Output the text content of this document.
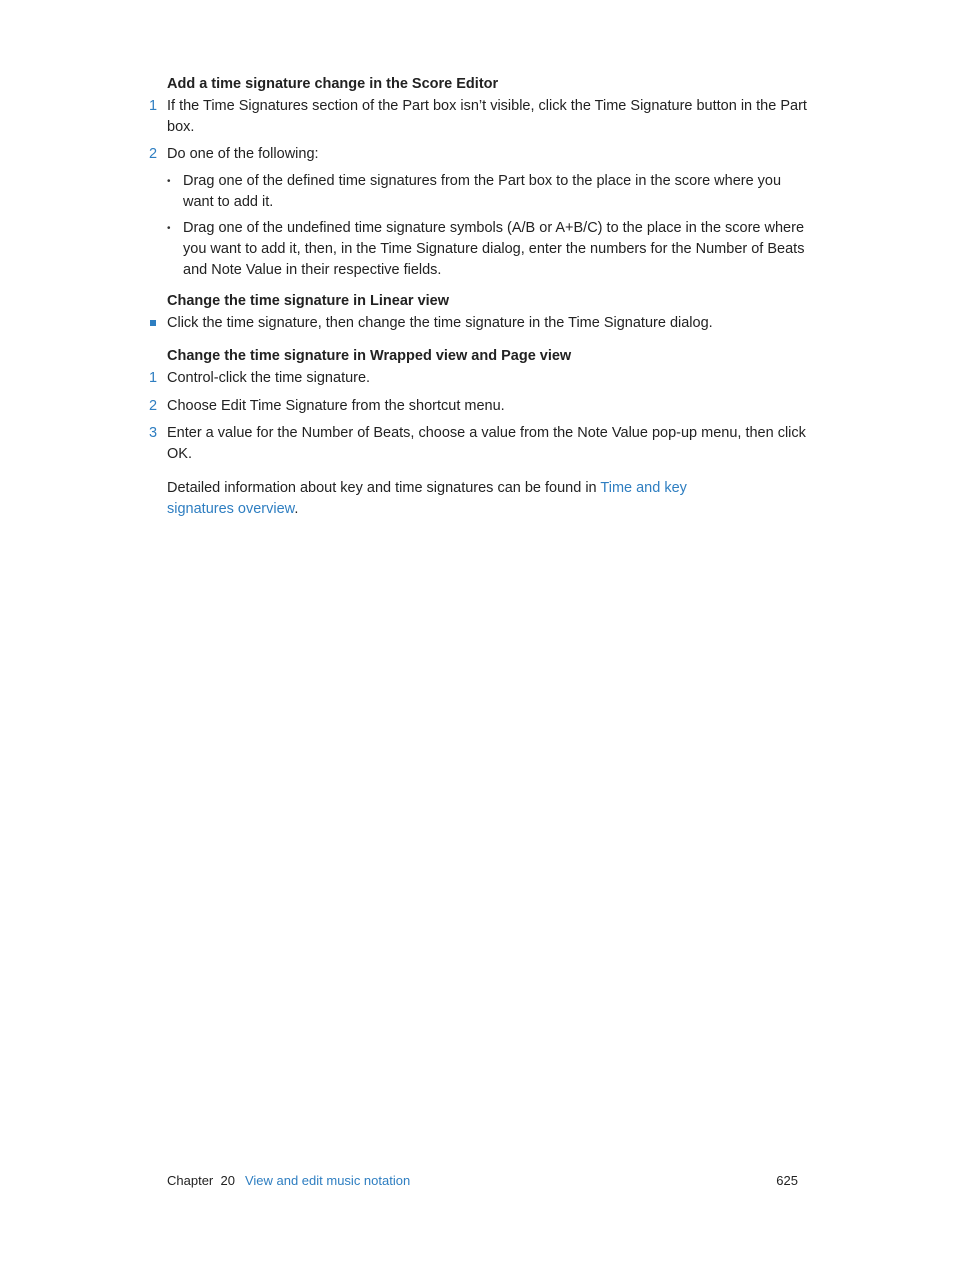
Add a time signature change in the Score Editor

1 If the Time Signatures section of the Part box isn’t visible, click the Time Signature button in the Part box.
2 Do one of the following:
• Drag one of the defined time signatures from the Part box to the place in the score where you want to add it.
• Drag one of the undefined time signature symbols (A/B or A+B/C) to the place in the score where you want to add it, then, in the Time Signature dialog, enter the numbers for the Number of Beats and Note Value in their respective fields.

Change the time signature in Linear view

Click the time signature, then change the time signature in the Time Signature dialog.

Change the time signature in Wrapped view and Page view

1 Control-click the time signature.
2 Choose Edit Time Signature from the shortcut menu.
3 Enter a value for the Number of Beats, choose a value from the Note Value pop-up menu, then click OK.
Detailed information about key and time signatures can be found in Time and key signatures overview.
Chapter  20 View and edit music notation	625
